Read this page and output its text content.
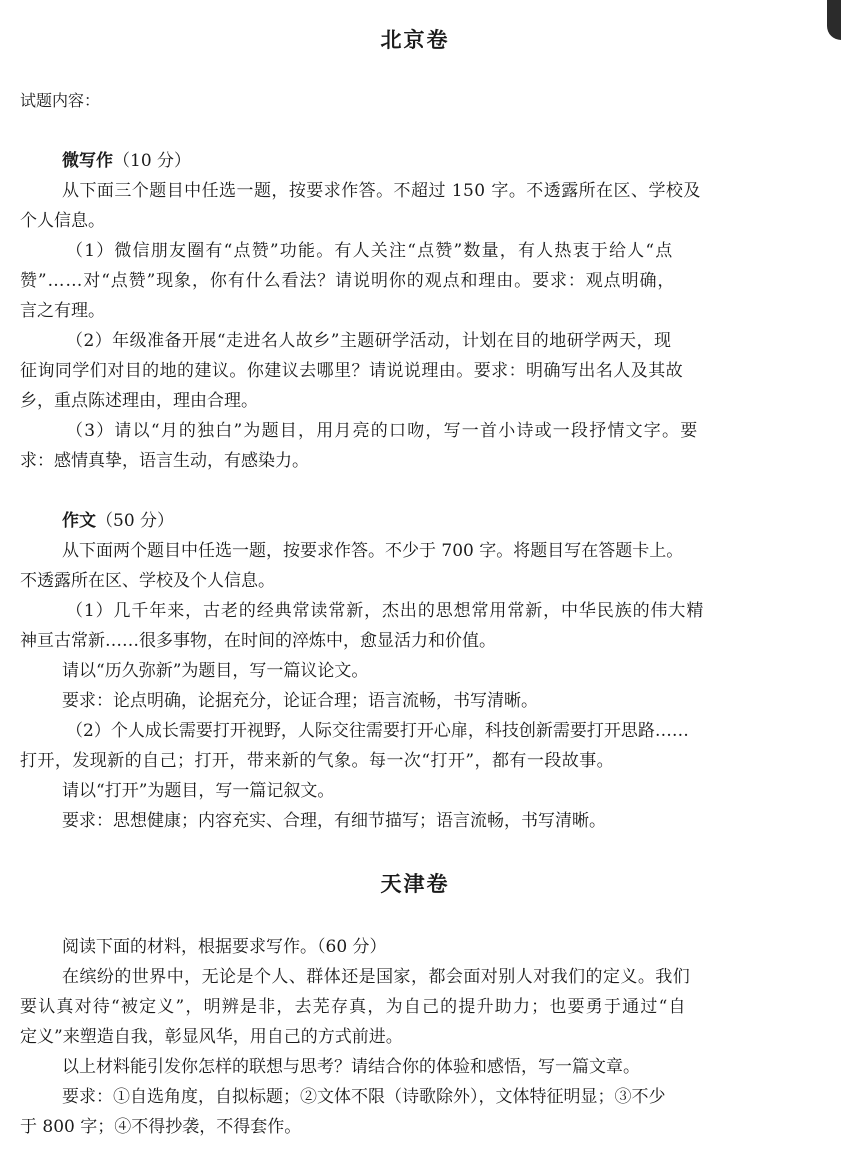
北京卷
试题内容：
微写作（10 分）
从下面三个题目中任选一题，按要求作答。不超过 150 字。不透露所在区、学校及
个人信息。
（1）微信朋友圈有“点赞”功能。有人关注“点赞”数量，有人热衷于给人“点
赞”……对“点赞”现象，你有什么看法？请说明你的观点和理由。要求：观点明确，
言之有理。
（2）年级准备开展“走进名人故乡”主题研学活动，计划在目的地研学两天，现
征询同学们对目的地的建议。你建议去哪里？请说说理由。要求：明确写出名人及其故
乡，重点陈述理由，理由合理。
（3）请以“月的独白”为题目，用月亮的口吻，写一首小诗或一段抒情文字。要
求：感情真挚，语言生动，有感染力。
作文（50 分）
从下面两个题目中任选一题，按要求作答。不少于 700 字。将题目写在答题卡上。
不透露所在区、学校及个人信息。
（1）几千年来，古老的经典常读常新，杰出的思想常用常新，中华民族的伟大精
神亘古常新……很多事物，在时间的淬炼中，愈显活力和价值。
请以“历久弥新”为题目，写一篇议论文。
要求：论点明确，论据充分，论证合理；语言流畅，书写清晰。
（2）个人成长需要打开视野，人际交往需要打开心扉，科技创新需要打开思路……
打开，发现新的自己；打开，带来新的气象。每一次“打开”，都有一段故事。
请以“打开”为题目，写一篇记叙文。
要求：思想健康；内容充实、合理，有细节描写；语言流畅，书写清晰。
天津卷
阅读下面的材料，根据要求写作。（60 分）
在缤纷的世界中，无论是个人、群体还是国家，都会面对别人对我们的定义。我们
要认真对待“被定义”，明辨是非，去芜存真，为自己的提升助力；也要勇于通过“自
定义”来塑造自我，彰显风华，用自己的方式前进。
以上材料能引发你怎样的联想与思考？请结合你的体验和感悟，写一篇文章。
要求：①自选角度，自拟标题；②文体不限（诗歌除外），文体特征明显；③不少
于 800 字；④不得抄袭，不得套作。
